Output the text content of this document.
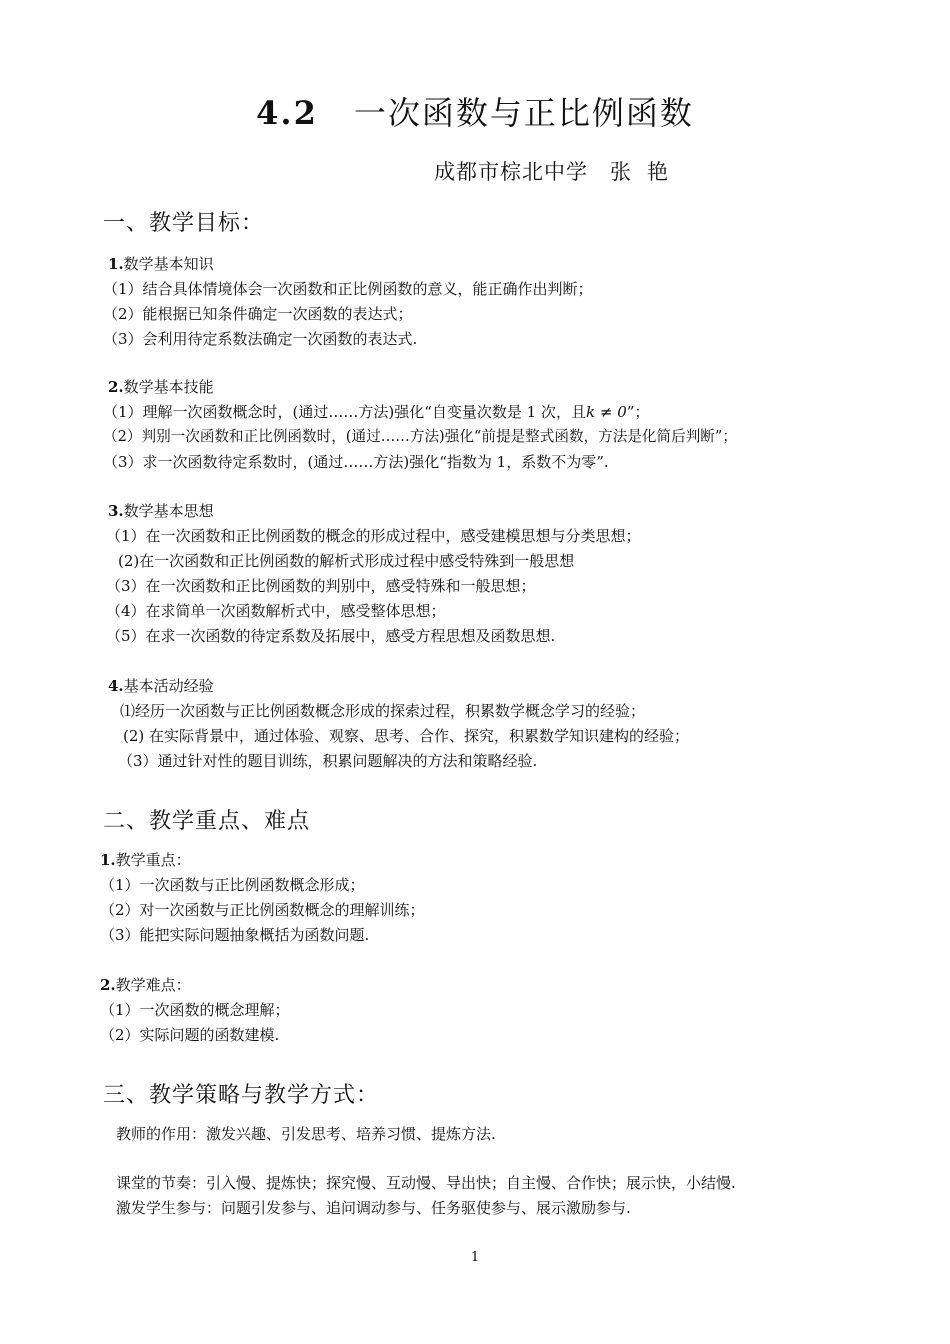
4.2 一次函数与正比例函数
成都市棕北中学 张艳
一、教学目标：
1.数学基本知识
（1）结合具体情境体会一次函数和正比例函数的意义，能正确作出判断；
（2）能根据已知条件确定一次函数的表达式；
（3）会利用待定系数法确定一次函数的表达式.
2.数学基本技能
（1）理解一次函数概念时，(通过……方法)强化“自变量次数是 1 次，且k ≠ 0”；
（2）判别一次函数和正比例函数时，(通过……方法)强化“前提是整式函数，方法是化简后判断”；
（3）求一次函数待定系数时，(通过……方法)强化“指数为 1，系数不为零”.
3.数学基本思想
（1）在一次函数和正比例函数的概念的形成过程中，感受建模思想与分类思想；
(2)在一次函数和正比例函数的解析式形成过程中感受特殊到一般思想
（3）在一次函数和正比例函数的判别中，感受特殊和一般思想；
（4）在求简单一次函数解析式中，感受整体思想；
（5）在求一次函数的待定系数及拓展中，感受方程思想及函数思想.
4.基本活动经验
⑴经历一次函数与正比例函数概念形成的探索过程，积累数学概念学习的经验；
(2) 在实际背景中，通过体验、观察、思考、合作、探究，积累数学知识建构的经验；
（3）通过针对性的题目训练，积累问题解决的方法和策略经验.
二、教学重点、难点
1.教学重点：
（1）一次函数与正比例函数概念形成；
（2）对一次函数与正比例函数概念的理解训练；
（3）能把实际问题抽象概括为函数问题.
2.教学难点：
（1）一次函数的概念理解；
（2）实际问题的函数建模.
三、教学策略与教学方式：
教师的作用：激发兴趣、引发思考、培养习惯、提炼方法.
课堂的节奏：引入慢、提炼快；探究慢、互动慢、导出快；自主慢、合作快；展示快，小结慢.
激发学生参与：问题引发参与、追问调动参与、任务驱使参与、展示激励参与.
1
